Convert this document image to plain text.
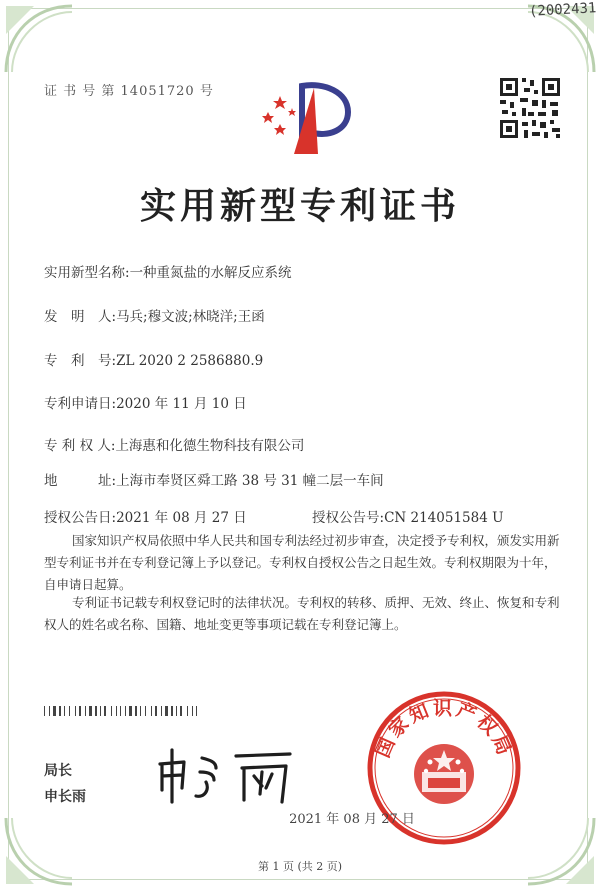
(2002431
证 书 号 第 14051720 号
实用新型专利证书
实用新型名称:一种重氮盐的水解反应系统
发　明　人:马兵;穆文波;林晓洋;王函
专　利　号:ZL 2020 2 2586880.9
专利申请日:2020 年 11 月 10 日
专 利 权 人:上海惠和化德生物科技有限公司
地　　　址:上海市奉贤区舜工路 38 号 31 幢二层一车间
授权公告日:2021 年 08 月 27 日	授权公告号:CN 214051584 U
国家知识产权局依照中华人民共和国专利法经过初步审查，决定授予专利权，颁发实用新型专利证书并在专利登记簿上予以登记。专利权自授权公告之日起生效。专利权期限为十年，自申请日起算。
专利证书记载专利权登记时的法律状况。专利权的转移、质押、无效、终止、恢复和专利权人的姓名或名称、国籍、地址变更等事项记载在专利登记簿上。
局长
申长雨
国家知识产权局
2021 年 08 月 27 日
第 1 页 (共 2 页)
